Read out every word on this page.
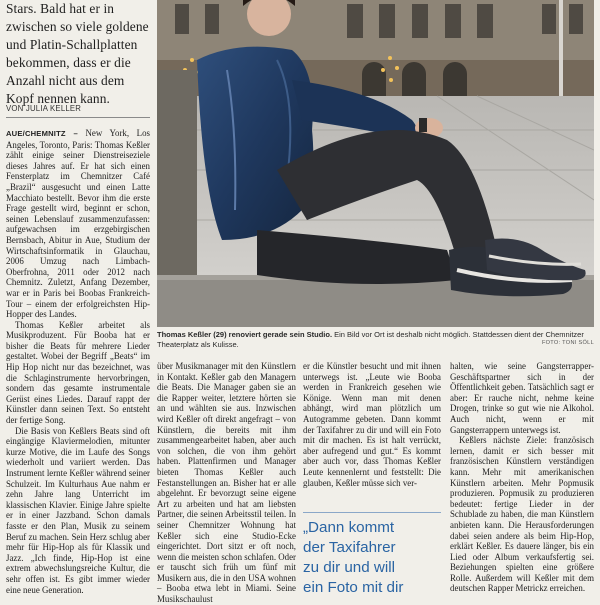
Stars. Bald hat er in
zwischen so viele goldene
und Platin-Schallplatten
bekommen, dass er die
Anzahl nicht aus dem
Kopf nennen kann.
VON JULIA KELLER

AUE/CHEMNITZ – New York, Los Angeles, Toronto, Paris: Thomas Keßler zählt einige seiner Dienstreiseziele dieses Jahres auf. Er hat sich einen Fensterplatz im Chemnitzer Café „Brazil“ ausgesucht und einen Latte Macchiato bestellt. Bevor ihm die erste Frage gestellt wird, beginnt er schon, seinen Lebenslauf zusammenzufassen: aufgewachsen im erzgebirgischen Bernsbach, Abitur in Aue, Studium der Wirtschaftsinformatik in Glauchau, 2006 Umzug nach Limbach-Oberfrohna, 2011 oder 2012 nach Chemnitz. Zuletzt, Anfang Dezember, war er in Paris bei Boobas Frankreich-Tour – einem der erfolgreichsten Hip-Hopper des Landes.

Thomas Keßler arbeitet als Musikproduzent. Für Booba hat er bisher die Beats für mehrere Lieder gestaltet. Wobei der Begriff „Beats“ im Hip Hop nicht nur das bezeichnet, was die Schlaginstrumente hervorbringen, sondern das gesamte instrumentale Gerüst eines Liedes. Darauf rappt der Künstler dann seinen Text. So entsteht der fertige Song.

Die Basis von Keßlers Beats sind oft eingängige Klaviermelodien, mitunter kurze Motive, die im Laufe des Songs wiederholt und variiert werden. Das Instrument lernte Keßler während seiner Schulzeit. Im Kulturhaus Aue nahm er zehn Jahre lang Unterricht im klassischen Klavier. Einige Jahre spielte er in einer Jazzband. Schon damals fasste er den Plan, Musik zu seinem Beruf zu machen. Sein Herz schlug aber mehr für Hip-Hop als für Klassik und Jazz. „Ich finde, Hip-Hop ist eine extrem abwechslungsreiche Kultur, die sehr offen ist. Es gibt immer wieder eine neue Generation.

Thomas Keßler (29) renoviert gerade sein Studio. Ein Bild vor Ort ist deshalb nicht möglich. Stattdessen dient der Chemnitzer Theaterplatz als Kulisse.	FOTO: TONI SÖLL

über Musikmanager mit den Künstlern in Kontakt. Keßler gab den Managern die Beats. Die Manager gaben sie an die Rapper weiter, letztere hörten sie an und wählten sie aus. Inzwischen wird Keßler oft direkt angefragt – von Künstlern, die bereits mit ihm zusammengearbeitet haben, aber auch von solchen, die von ihm gehört haben. Plattenfirmen und Manager bieten Thomas Keßler auch Festanstellungen an. Bisher hat er alle abgelehnt. Er bevorzugt seine eigene Art zu arbeiten und hat am liebsten Partner, die seinen Arbeitsstil teilen. In seiner Chemnitzer Wohnung hat Keßler sich eine Studio-Ecke eingerichtet. Dort sitzt er oft noch, wenn die meisten schon schlafen. Oder er tauscht sich früh um fünf mit Musikern aus, die in den USA wohnen – Booba etwa lebt in Miami. Seine Musikschaulust

er die Künstler besucht und mit ihnen unterwegs ist. „Leute wie Booba werden in Frankreich gesehen wie Könige. Wenn man mit denen abhängt, wird man plötzlich um Autogramme gebeten. Dann kommt der Taxifahrer zu dir und will ein Foto mit dir machen. Es ist halt verrückt, aber aufregend und gut.“ Es kommt aber auch vor, dass Thomas Keßler Leute kennenlernt und feststellt: Die glauben, Keßler müsse sich ver-

„Dann kommt
der Taxifahrer
zu dir und will
ein Foto mit dir

halten, wie seine Gangsterrapper-Geschäftspartner sich in der Öffentlichkeit geben. Tatsächlich sagt er aber: Er rauche nicht, nehme keine Drogen, trinke so gut wie nie Alkohol. Auch nicht, wenn er mit Gangsterrappern unterwegs ist.

Keßlers nächste Ziele: französisch lernen, damit er sich besser mit französischen Künstlern verständigen kann. Mehr mit amerikanischen Künstlern arbeiten. Mehr Popmusik produzieren. Popmusik zu produzieren bedeutet: fertige Lieder in der Schublade zu haben, die man Künstlern anbieten kann. Die Herausforderungen dabei seien andere als beim Hip-Hop, erklärt Keßler. Es dauere länger, bis ein Lied oder Album verkaufsfertig sei. Beziehungen spielten eine größere Rolle. Außerdem will Keßler mit dem deutschen Rapper Metrickz erreichen.
